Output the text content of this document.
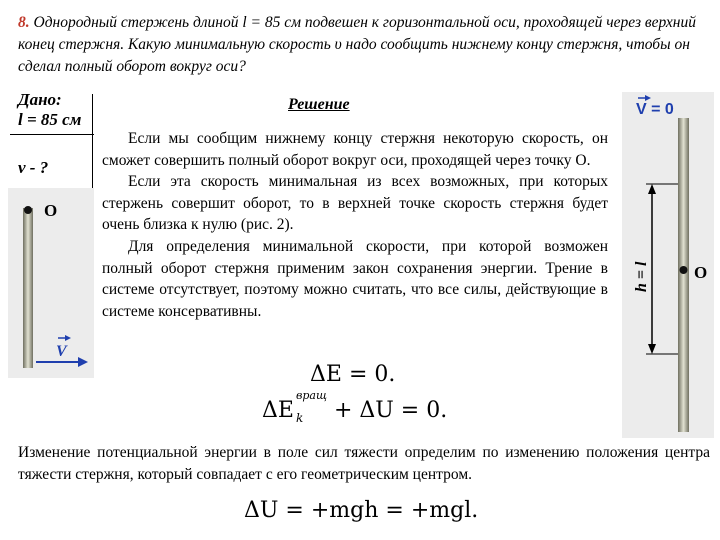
8. Однородный стержень длиной l = 85 см подвешен к горизонтальной оси, проходящей через верхний конец стержня. Какую минимальную скорость υ надо сообщить нижнему концу стержня, чтобы он сделал полный оборот вокруг оси?
Дано:
l = 85 см
v - ?
O
V
V = 0
O
h = l
Решение

Если мы сообщим нижнему концу стержня некоторую скорость, он сможет совершить полный оборот вокруг оси, проходящей через точку О.

Если эта скорость минимальная из всех возможных, при которых стержень совершит оборот, то в верхней точке скорость стержня будет очень близка к нулю (рис. 2).

Для определения минимальной скорости, при которой возможен полный оборот стержня применим закон сохранения энергии. Трение в системе отсутствует, поэтому можно считать, что все силы, действующие в системе консервативны.

ΔE = 0.
ΔE
вращ
k + ΔU = 0.
Изменение потенциальной энергии в поле сил тяжести определим по изменению положения центра тяжести стержня, который совпадает с его геометрическим центром.
ΔU = +mgh = +mgl.
